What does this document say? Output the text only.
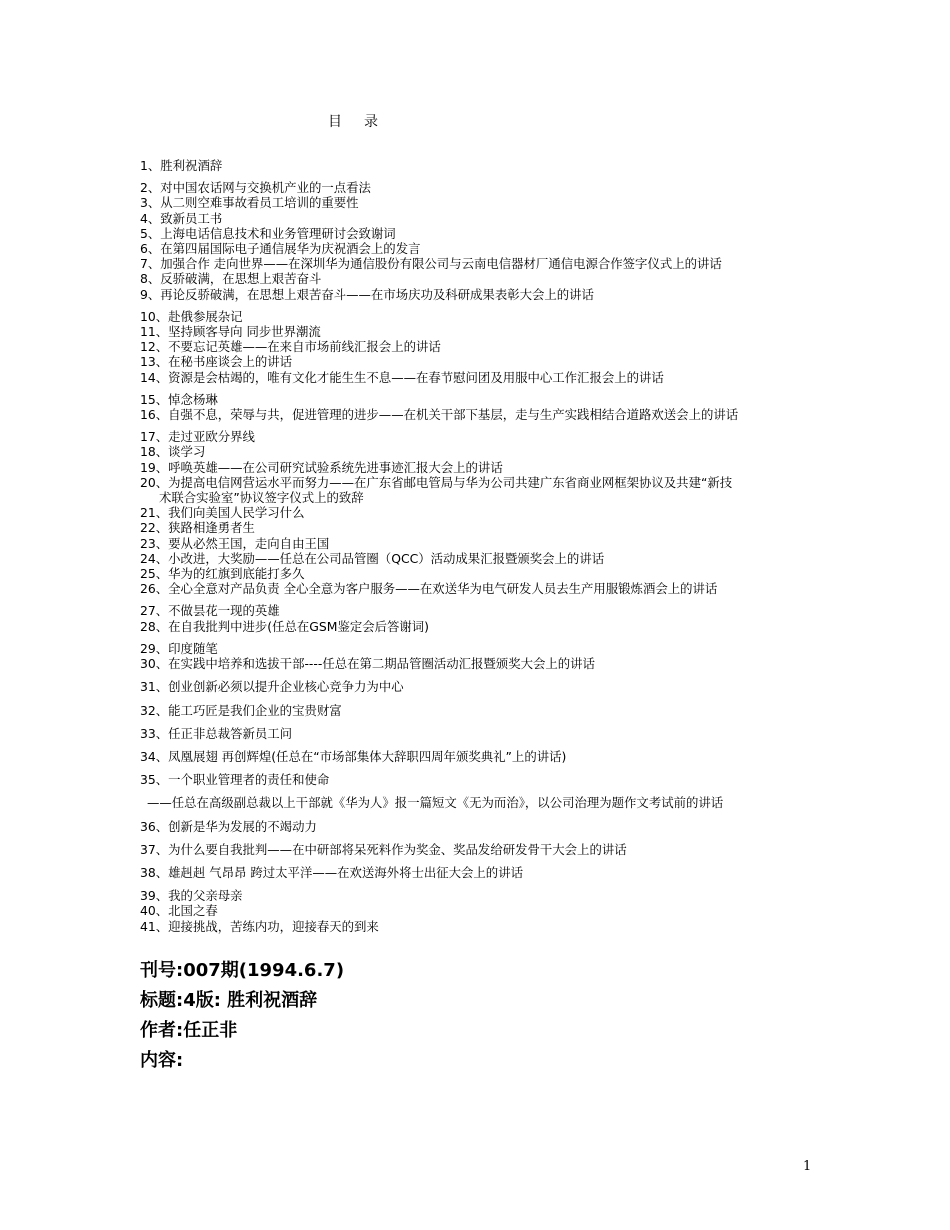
目 录
1、胜利祝酒辞
2、对中国农话网与交换机产业的一点看法
3、从二则空难事故看员工培训的重要性
4、致新员工书
5、上海电话信息技术和业务管理研讨会致谢词
6、在第四届国际电子通信展华为庆祝酒会上的发言
7、加强合作 走向世界——在深圳华为通信股份有限公司与云南电信器材厂通信电源合作签字仪式上的讲话
8、反骄破满，在思想上艰苦奋斗
9、再论反骄破满，在思想上艰苦奋斗——在市场庆功及科研成果表彰大会上的讲话
10、赴俄参展杂记
11、坚持顾客导向 同步世界潮流
12、不要忘记英雄——在来自市场前线汇报会上的讲话
13、在秘书座谈会上的讲话
14、资源是会枯竭的，唯有文化才能生生不息——在春节慰问团及用服中心工作汇报会上的讲话
15、悼念杨琳
16、自强不息，荣辱与共，促进管理的进步——在机关干部下基层，走与生产实践相结合道路欢送会上的讲话
17、走过亚欧分界线
18、谈学习
19、呼唤英雄——在公司研究试验系统先进事迹汇报大会上的讲话
20、为提高电信网营运水平而努力——在广东省邮电管局与华为公司共建广东省商业网框架协议及共建“新技
术联合实验室”协议签字仪式上的致辞
21、我们向美国人民学习什么
22、狭路相逢勇者生
23、要从必然王国，走向自由王国
24、小改进，大奖励——任总在公司品管圈（QCC）活动成果汇报暨颁奖会上的讲话
25、华为的红旗到底能打多久
26、全心全意对产品负责 全心全意为客户服务——在欢送华为电气研发人员去生产用服锻炼酒会上的讲话
27、不做昙花一现的英雄
28、在自我批判中进步(任总在GSM鉴定会后答谢词)
29、印度随笔
30、在实践中培养和选拔干部----任总在第二期品管圈活动汇报暨颁奖大会上的讲话
31、创业创新必须以提升企业核心竞争力为中心
32、能工巧匠是我们企业的宝贵财富
33、任正非总裁答新员工问
34、凤凰展翅 再创辉煌(任总在“市场部集体大辞职四周年颁奖典礼”上的讲话)
35、一个职业管理者的责任和使命
——任总在高级副总裁以上干部就《华为人》报一篇短文《无为而治》，以公司治理为题作文考试前的讲话
36、创新是华为发展的不竭动力
37、为什么要自我批判——在中研部将呆死料作为奖金、奖品发给研发骨干大会上的讲话
38、雄赳赳 气昂昂 跨过太平洋——在欢送海外将士出征大会上的讲话
39、我的父亲母亲
40、北国之春
41、迎接挑战，苦练内功，迎接春天的到来
刊号:007期(1994.6.7)
标题:4版: 胜利祝酒辞
作者:任正非
内容:
1
